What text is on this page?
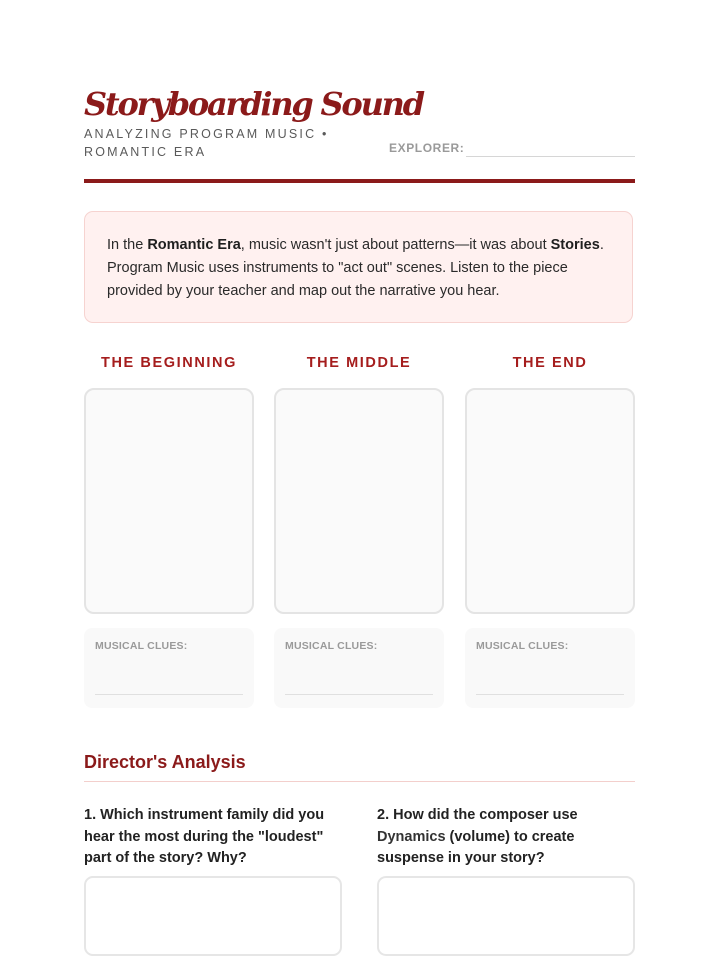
Storyboarding Sound
ANALYZING PROGRAM MUSIC • ROMANTIC ERA	EXPLORER:
In the Romantic Era, music wasn't just about patterns—it was about Stories. Program Music uses instruments to "act out" scenes. Listen to the piece provided by your teacher and map out the narrative you hear.
THE BEGINNING
MUSICAL CLUES:
THE MIDDLE
MUSICAL CLUES:
THE END
MUSICAL CLUES:
Director's Analysis
1. Which instrument family did you hear the most during the "loudest" part of the story? Why?
2. How did the composer use Dynamics (volume) to create suspense in your story?
